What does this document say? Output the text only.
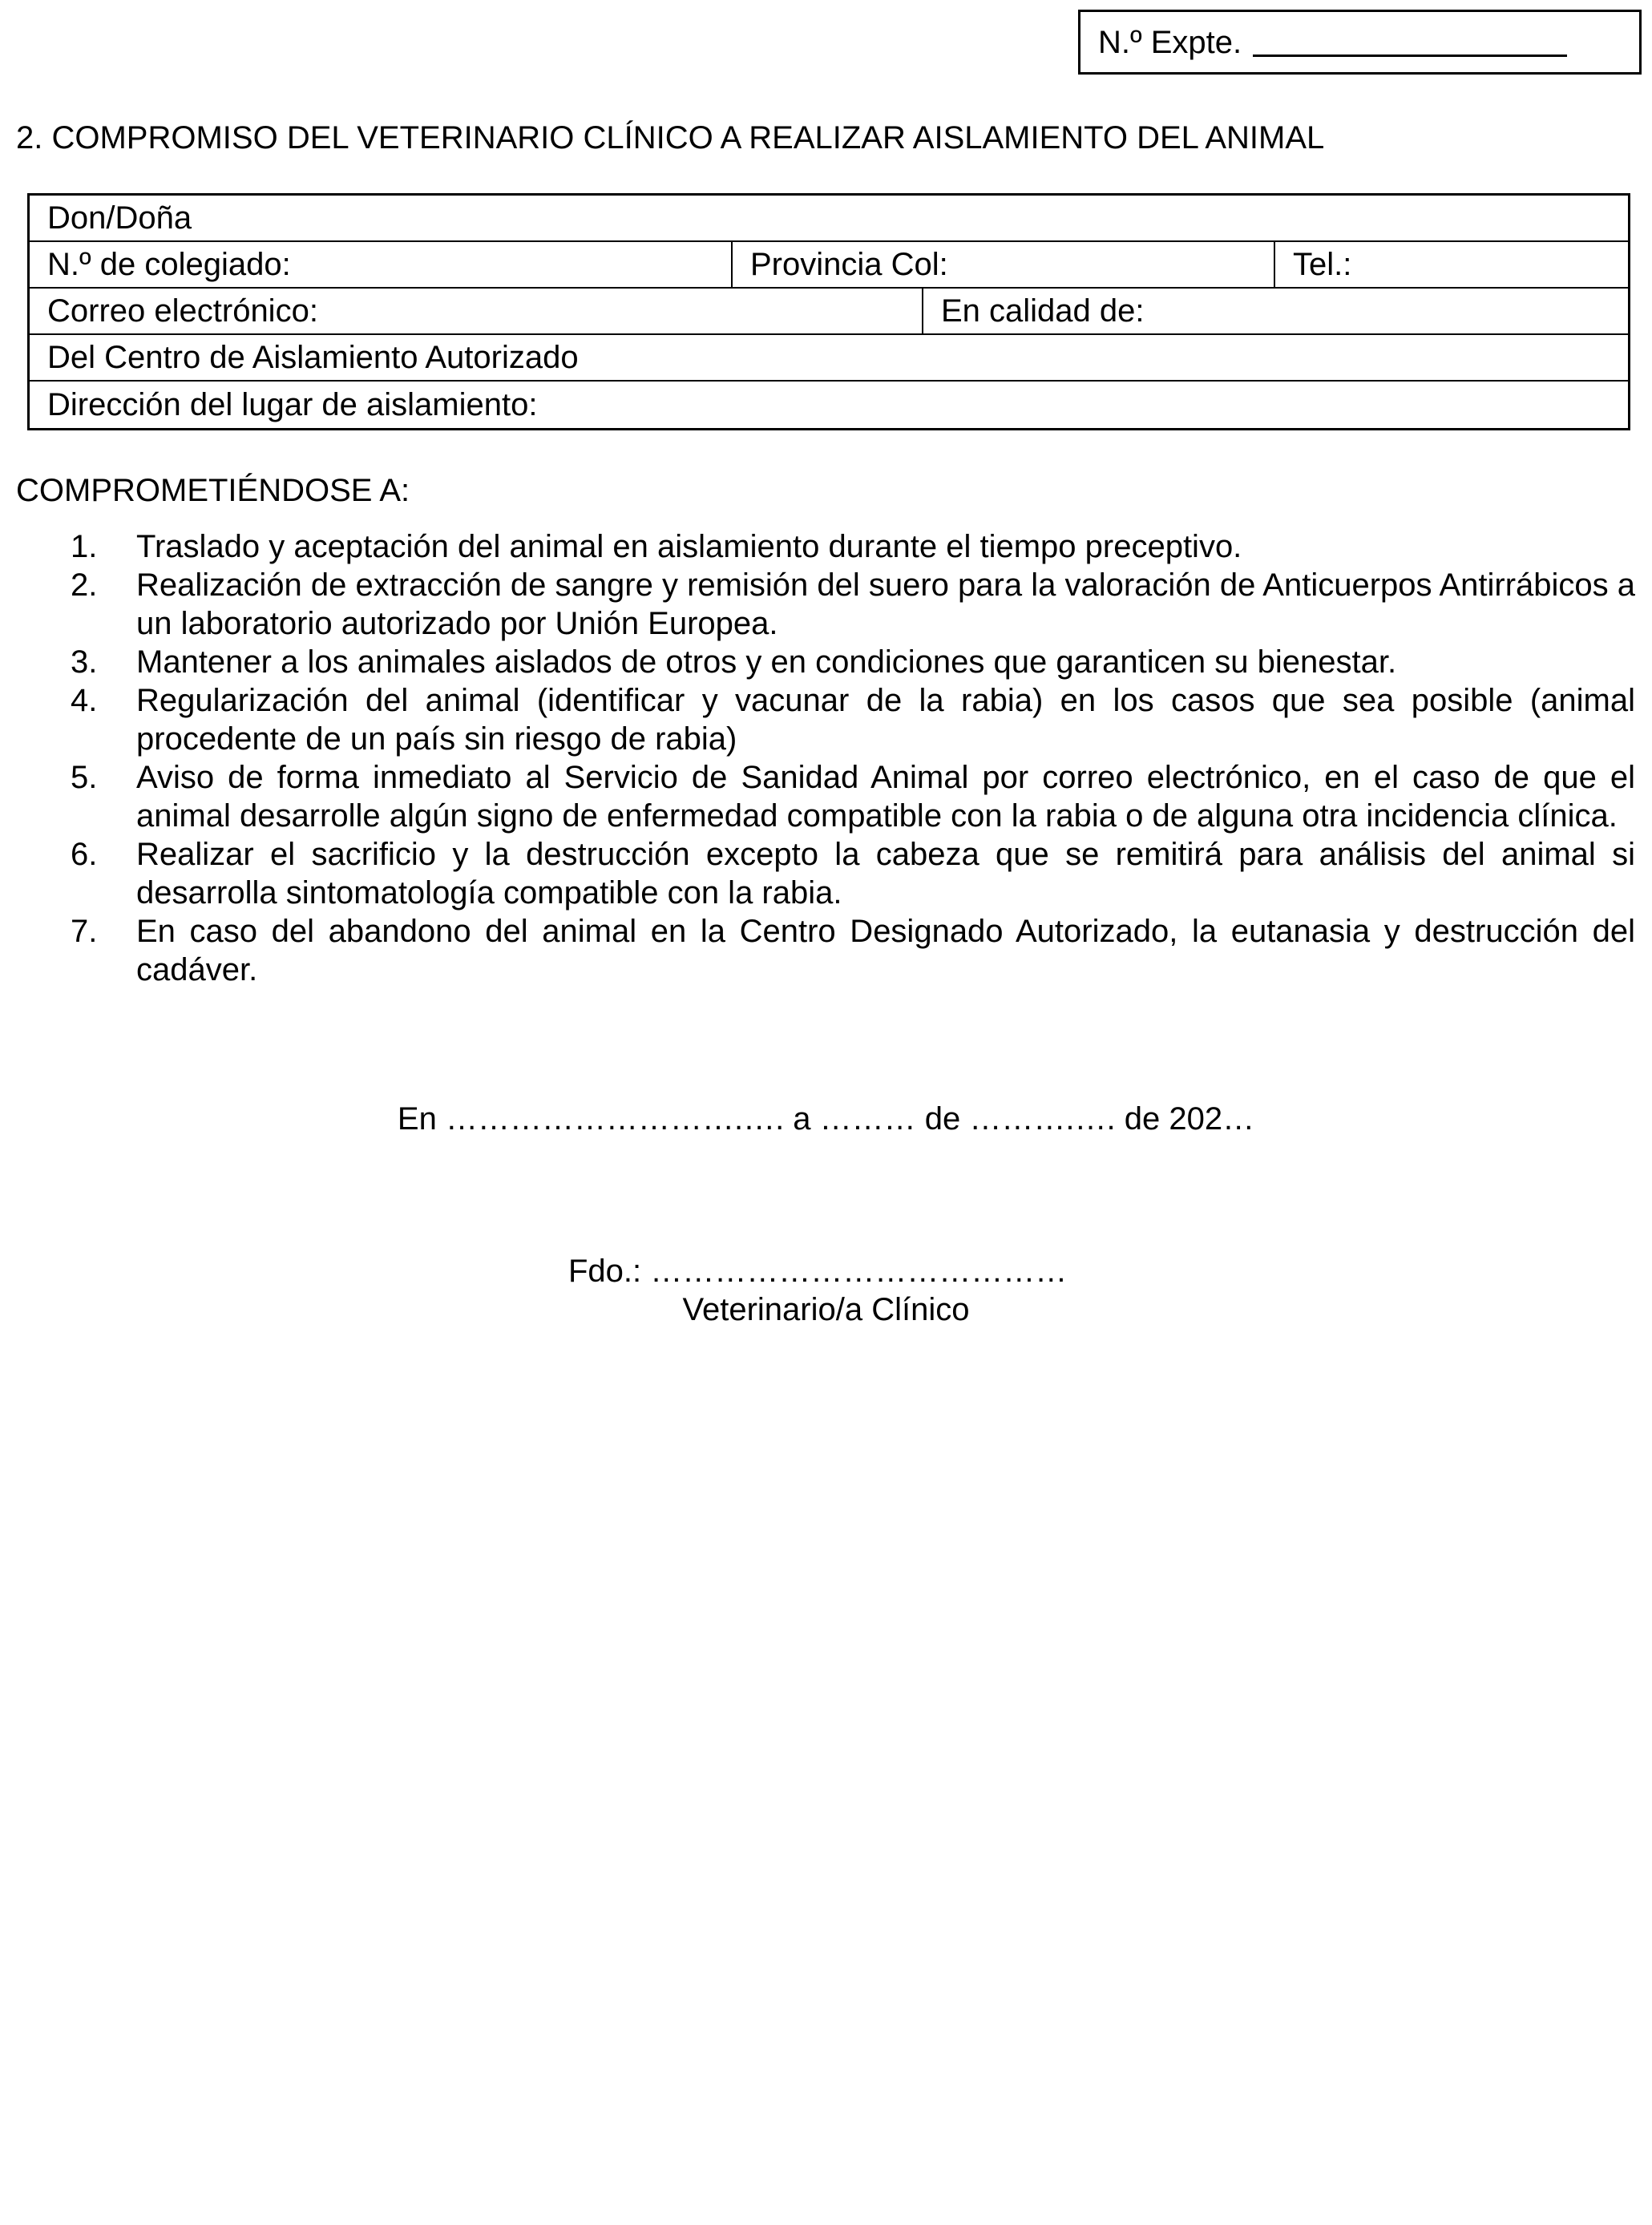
N.º Expte.
2. COMPROMISO DEL VETERINARIO CLÍNICO A REALIZAR AISLAMIENTO DEL ANIMAL
Don/Doña
N.º de colegiado:	Provincia Col:	Tel.:
Correo electrónico:	En calidad de:
Del Centro de Aislamiento Autorizado
Dirección del lugar de aislamiento:
COMPROMETIÉNDOSE A:
1.	Traslado y aceptación del animal en aislamiento durante el tiempo preceptivo.
2.	Realización de extracción de sangre y remisión del suero para la valoración de Anticuerpos Antirrábicos a un laboratorio autorizado por Unión Europea.
3.	Mantener a los animales aislados de otros y en condiciones que garanticen su bienestar.
4.	Regularización del animal (identificar y vacunar de la rabia) en los casos que sea posible (animal procedente de un país sin riesgo de rabia)
5.	Aviso de forma inmediato al Servicio de Sanidad Animal por correo electrónico, en el caso de que el animal desarrolle algún signo de enfermedad compatible con la rabia o de alguna otra incidencia clínica.
6.	Realizar el sacrificio y la destrucción excepto la cabeza que se remitirá para análisis del animal si desarrolla sintomatología compatible con la rabia.
7.	En caso del abandono del animal en la Centro Designado Autorizado, la eutanasia y destrucción del cadáver.
En ……………………….…. a ……… de ……….…. de 202…
Fdo.: …………………………………
Veterinario/a Clínico
